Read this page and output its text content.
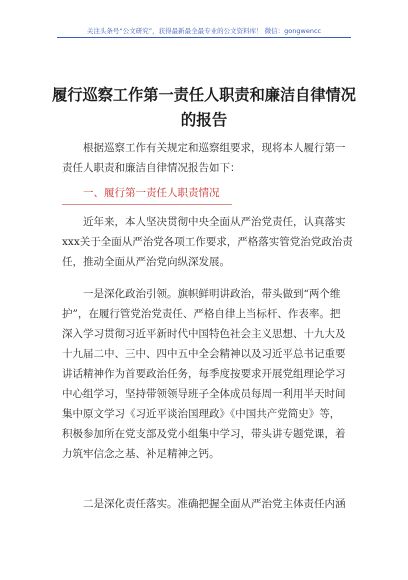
关注头条号“公文研究”，获得最新最全最专业的公文资料库！ 微信：gongwencc
履行巡察工作第一责任人职责和廉洁自律情况
的报告
根据巡察工作有关规定和巡察组要求，现将本人履行第一
责任人职责和廉洁自律情况报告如下：
一、履行第一责任人职责情况
近年来，本人坚决贯彻中央全面从严治党责任，认真落实
xxx关于全面从严治党各项工作要求，严格落实管党治党政治责
任，推动全面从严治党向纵深发展。
一是深化政治引领。旗帜鲜明讲政治，带头做到“两个维
护”，在履行管党治党责任、严格自律上当标杆、作表率。把
深入学习贯彻习近平新时代中国特色社会主义思想、十九大及
十九届二中、三中、四中五中全会精神以及习近平总书记重要
讲话精神作为首要政治任务，每季度按要求开展党组理论学习
中心组学习，坚持带领领导班子全体成员每周一利用半天时间
集中原文学习《习近平谈治国理政》《中国共产党简史》等，
积极参加所在党支部及党小组集中学习，带头讲专题党课，着
力筑牢信念之基、补足精神之钙。
二是深化责任落实。准确把握全面从严治党主体责任内涵
